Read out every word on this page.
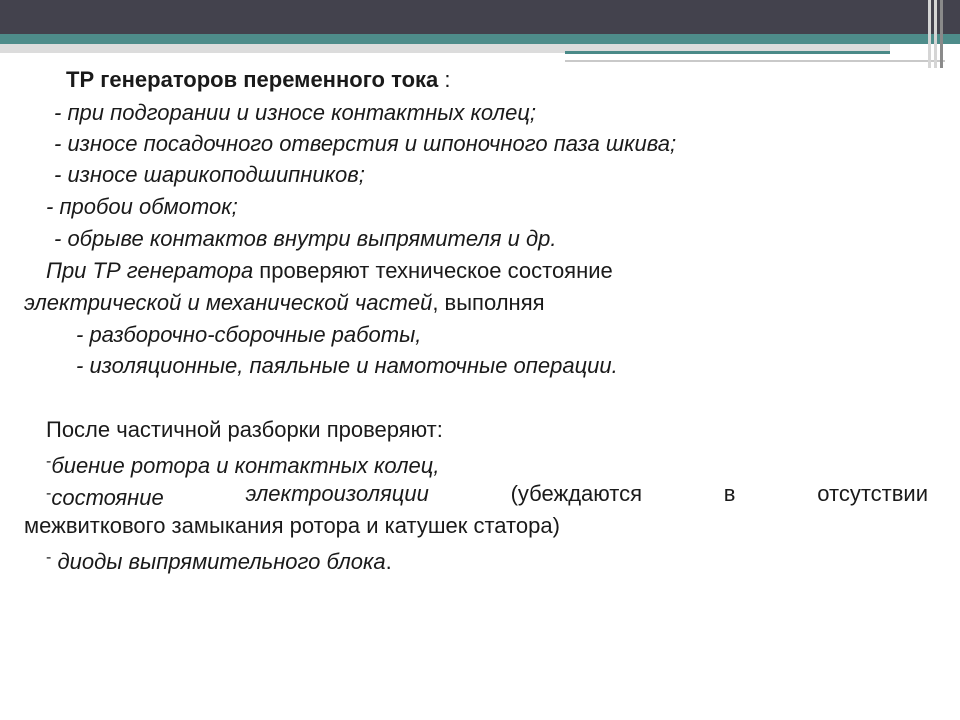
ТР генераторов переменного тока :
- при подгорании и износе контактных колец;
- износе посадочного отверстия и шпоночного паза шкива;
- износе шарикоподшипников;
- пробои обмоток;
- обрыве контактов внутри выпрямителя и др.
При ТР генератора проверяют техническое состояние
электрической и механической частей, выполняя
- разборочно-сборочные работы,
- изоляционные, паяльные и намоточные операции.
После частичной разборки проверяют:
-биение ротора и контактных колец,
-состояние	электроизоляции	(убеждаются	в	отсутствии
межвиткового замыкания ротора и катушек статора)
- диоды выпрямительного блока.
